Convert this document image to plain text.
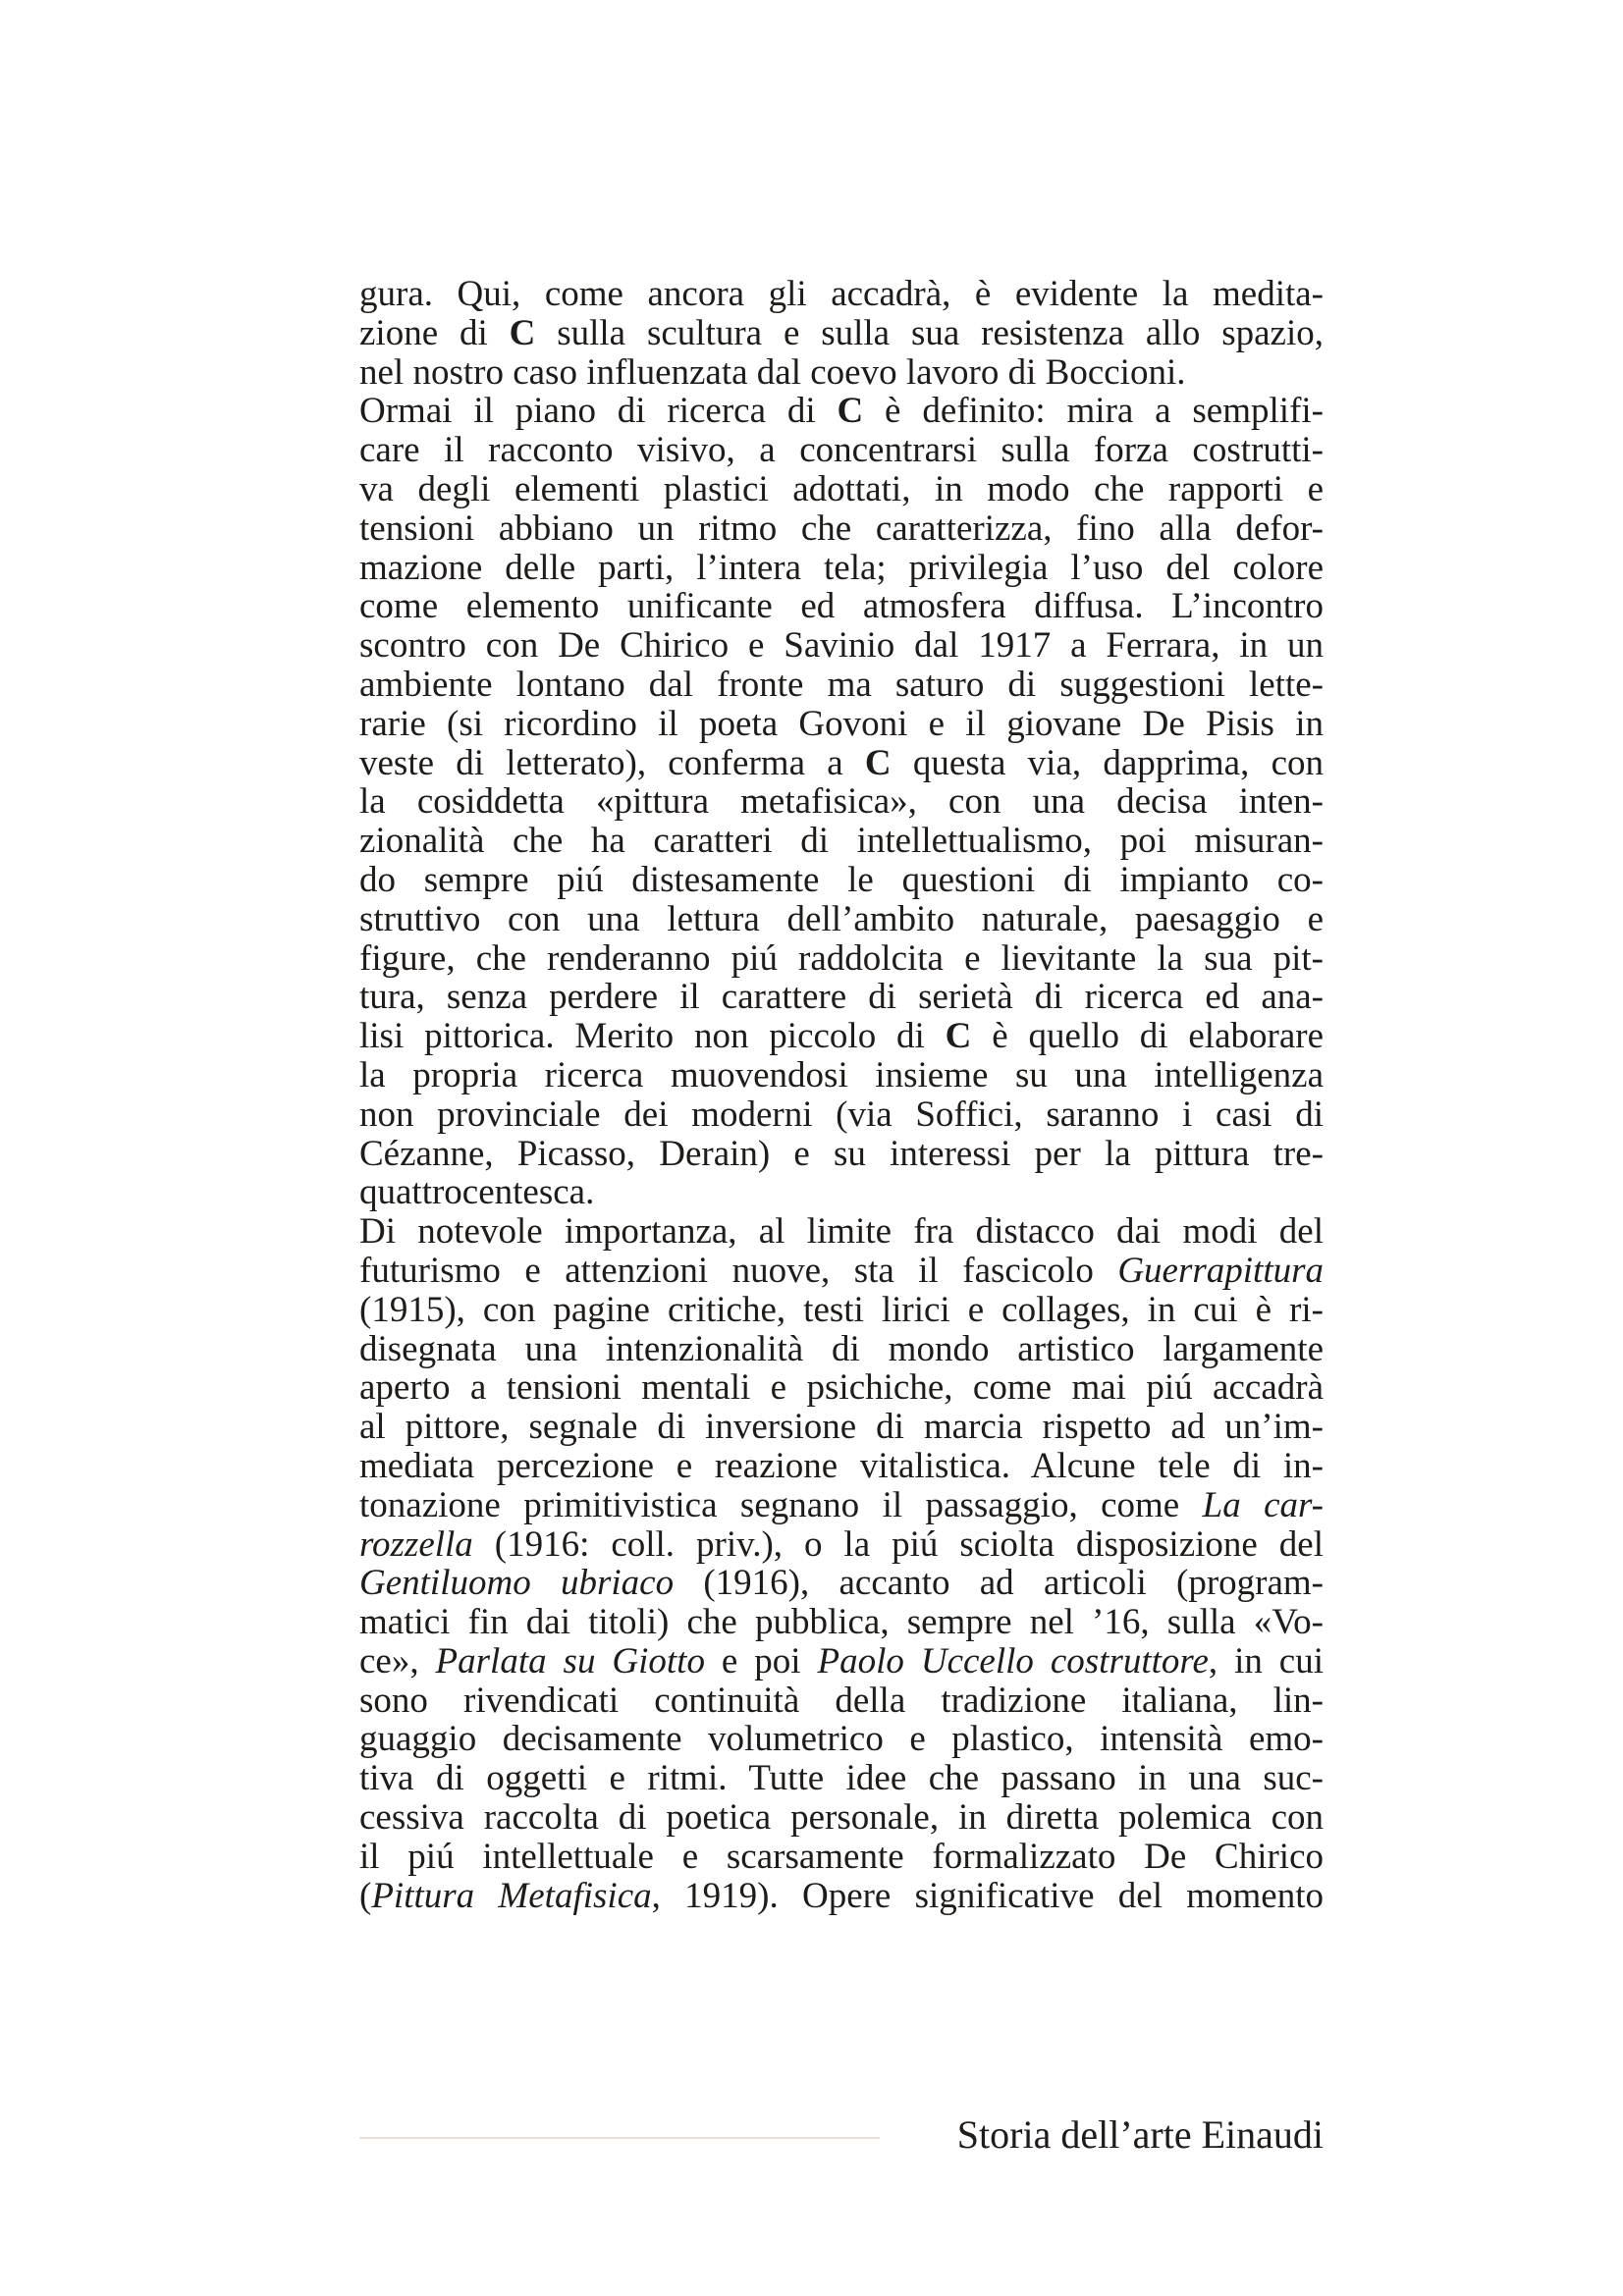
gura. Qui, come ancora gli accadrà, è evidente la medita-
zione di C sulla scultura e sulla sua resistenza allo spazio,
nel nostro caso influenzata dal coevo lavoro di Boccioni.
Ormai il piano di ricerca di C è definito: mira a semplifi-
care il racconto visivo, a concentrarsi sulla forza costrutti-
va degli elementi plastici adottati, in modo che rapporti e
tensioni abbiano un ritmo che caratterizza, fino alla defor-
mazione delle parti, l’intera tela; privilegia l’uso del colore
come elemento unificante ed atmosfera diffusa. L’incontro
scontro con De Chirico e Savinio dal 1917 a Ferrara, in un
ambiente lontano dal fronte ma saturo di suggestioni lette-
rarie (si ricordino il poeta Govoni e il giovane De Pisis in
veste di letterato), conferma a C questa via, dapprima, con
la cosiddetta «pittura metafisica», con una decisa inten-
zionalità che ha caratteri di intellettualismo, poi misuran-
do sempre piú distesamente le questioni di impianto co-
struttivo con una lettura dell’ambito naturale, paesaggio e
figure, che renderanno piú raddolcita e lievitante la sua pit-
tura, senza perdere il carattere di serietà di ricerca ed ana-
lisi pittorica. Merito non piccolo di C è quello di elaborare
la propria ricerca muovendosi insieme su una intelligenza
non provinciale dei moderni (via Soffici, saranno i casi di
Cézanne, Picasso, Derain) e su interessi per la pittura tre-
quattrocentesca.
Di notevole importanza, al limite fra distacco dai modi del
futurismo e attenzioni nuove, sta il fascicolo Guerrapittura
(1915), con pagine critiche, testi lirici e collages, in cui è ri-
disegnata una intenzionalità di mondo artistico largamente
aperto a tensioni mentali e psichiche, come mai piú accadrà
al pittore, segnale di inversione di marcia rispetto ad un’im-
mediata percezione e reazione vitalistica. Alcune tele di in-
tonazione primitivistica segnano il passaggio, come La car-
rozzella (1916: coll. priv.), o la piú sciolta disposizione del
Gentiluomo ubriaco (1916), accanto ad articoli (program-
matici fin dai titoli) che pubblica, sempre nel ’16, sulla «Vo-
ce», Parlata su Giotto e poi Paolo Uccello costruttore, in cui
sono rivendicati continuità della tradizione italiana, lin-
guaggio decisamente volumetrico e plastico, intensità emo-
tiva di oggetti e ritmi. Tutte idee che passano in una suc-
cessiva raccolta di poetica personale, in diretta polemica con
il piú intellettuale e scarsamente formalizzato De Chirico
(Pittura Metafisica, 1919). Opere significative del momento
Storia dell’arte Einaudi
